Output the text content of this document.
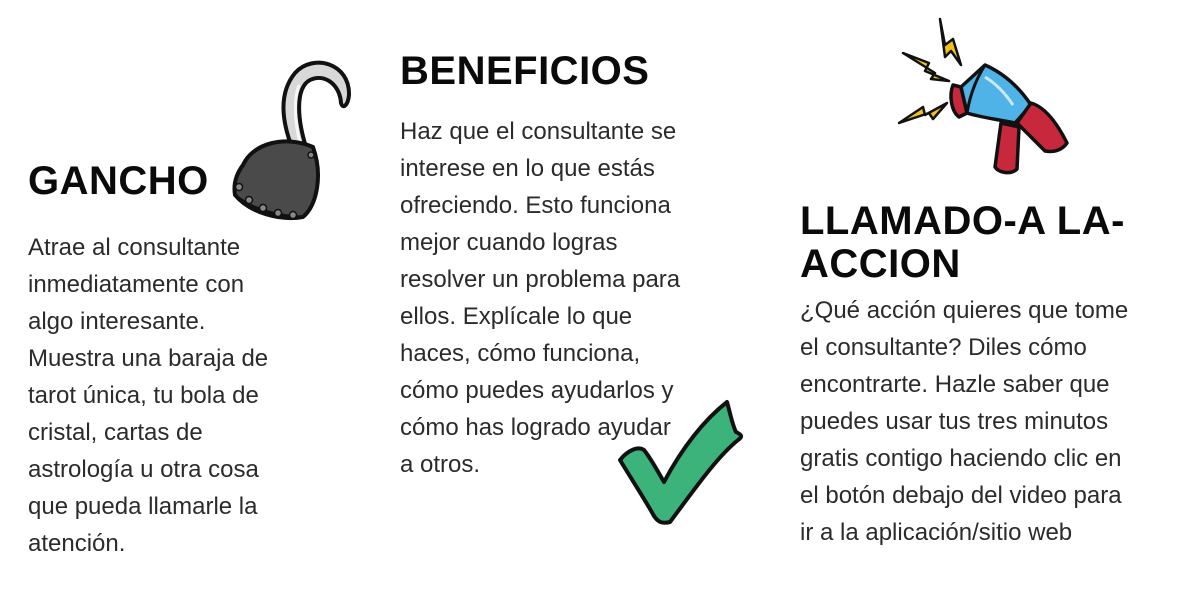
GANCHO

Atrae al consultante
inmediatamente con
algo interesante.
Muestra una baraja de
tarot única, tu bola de
cristal, cartas de
astrología u otra cosa
que pueda llamarle la
atención.

BENEFICIOS

Haz que el consultante se
interese en lo que estás
ofreciendo. Esto funciona
mejor cuando logras
resolver un problema para
ellos. Explícale lo que
haces, cómo funciona,
cómo puedes ayudarlos y
cómo has logrado ayudar
a otros.

LLAMADO-A LA-
ACCION

¿Qué acción quieres que tome
el consultante? Diles cómo
encontrarte. Hazle saber que
puedes usar tus tres minutos
gratis contigo haciendo clic en
el botón debajo del video para
ir a la aplicación/sitio web
